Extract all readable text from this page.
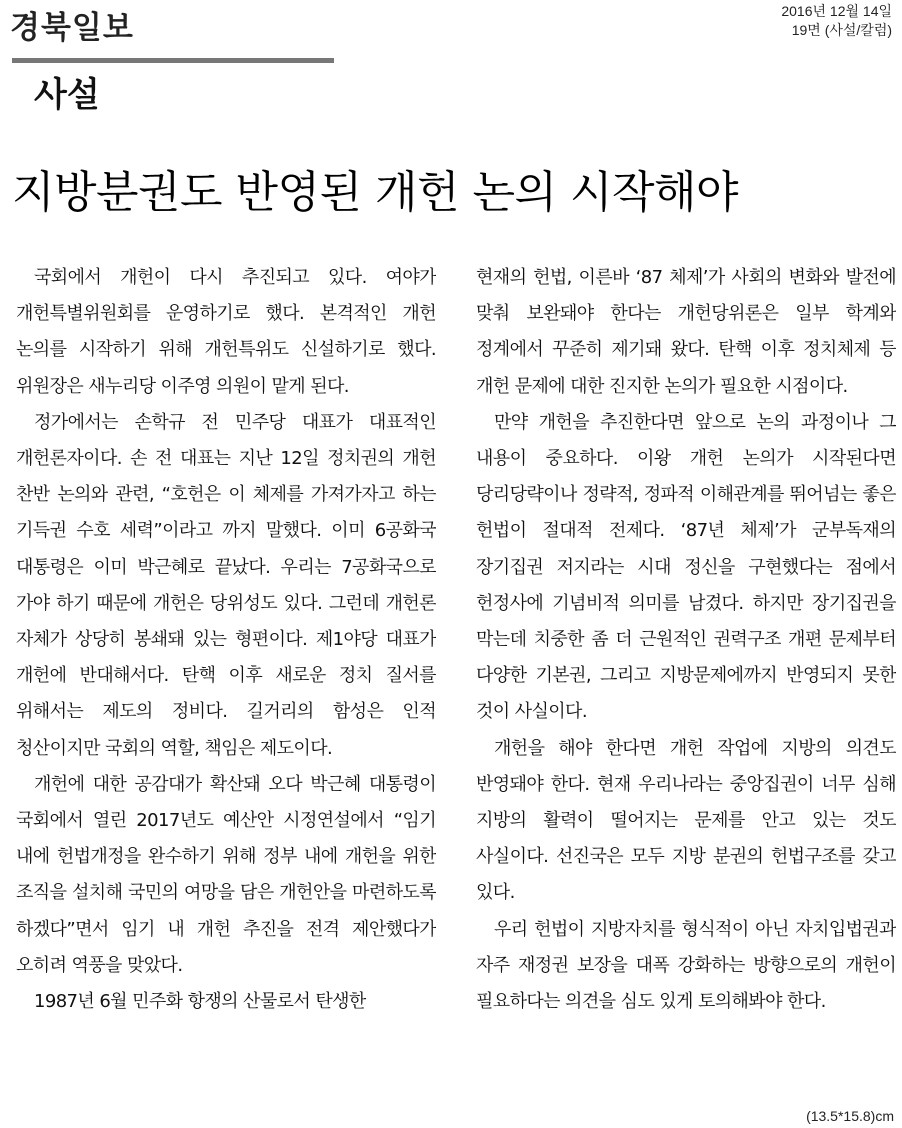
경북일보	2016년 12월 14일
19면 (사설/칼럼)
사설
지방분권도 반영된 개헌 논의 시작해야

국회에서 개헌이 다시 추진되고 있다. 여야가 개헌특별위원회를 운영하기로 했다. 본격적인 개헌 논의를 시작하기 위해 개헌특위도 신설하기로 했다. 위원장은 새누리당 이주영 의원이 맡게 된다.

정가에서는 손학규 전 민주당 대표가 대표적인 개헌론자이다. 손 전 대표는 지난 12일 정치권의 개헌 찬반 논의와 관련, “호헌은 이 체제를 가져가자고 하는 기득권 수호 세력”이라고 까지 말했다. 이미 6공화국 대통령은 이미 박근혜로 끝났다. 우리는 7공화국으로 가야 하기 때문에 개헌은 당위성도 있다. 그런데 개헌론 자체가 상당히 봉쇄돼 있는 형편이다. 제1야당 대표가 개헌에 반대해서다. 탄핵 이후 새로운 정치 질서를 위해서는 제도의 정비다. 길거리의 함성은 인적 청산이지만 국회의 역할, 책임은 제도이다.

개헌에 대한 공감대가 확산돼 오다 박근혜 대통령이 국회에서 열린 2017년도 예산안 시정연설에서 “임기 내에 헌법개정을 완수하기 위해 정부 내에 개헌을 위한 조직을 설치해 국민의 여망을 담은 개헌안을 마련하도록 하겠다”면서 임기 내 개헌 추진을 전격 제안했다가 오히려 역풍을 맞았다.

1987년 6월 민주화 항쟁의 산물로서 탄생한

현재의 헌법, 이른바 ‘87 체제’가 사회의 변화와 발전에 맞춰 보완돼야 한다는 개헌당위론은 일부 학계와 정계에서 꾸준히 제기돼 왔다. 탄핵 이후 정치체제 등 개헌 문제에 대한 진지한 논의가 필요한 시점이다.

만약 개헌을 추진한다면 앞으로 논의 과정이나 그 내용이 중요하다. 이왕 개헌 논의가 시작된다면 당리당략이나 정략적, 정파적 이해관계를 뛰어넘는 좋은 헌법이 절대적 전제다. ‘87년 체제’가 군부독재의 장기집권 저지라는 시대 정신을 구현했다는 점에서 헌정사에 기념비적 의미를 남겼다. 하지만 장기집권을 막는데 치중한 좀 더 근원적인 권력구조 개편 문제부터 다양한 기본권, 그리고 지방문제에까지 반영되지 못한 것이 사실이다.

개헌을 해야 한다면 개헌 작업에 지방의 의견도 반영돼야 한다. 현재 우리나라는 중앙집권이 너무 심해 지방의 활력이 떨어지는 문제를 안고 있는 것도 사실이다. 선진국은 모두 지방 분권의 헌법구조를 갖고 있다.

우리 헌법이 지방자치를 형식적이 아닌 자치입법권과 자주 재정권 보장을 대폭 강화하는 방향으로의 개헌이 필요하다는 의견을 심도 있게 토의해봐야 한다.

(13.5*15.8)cm
